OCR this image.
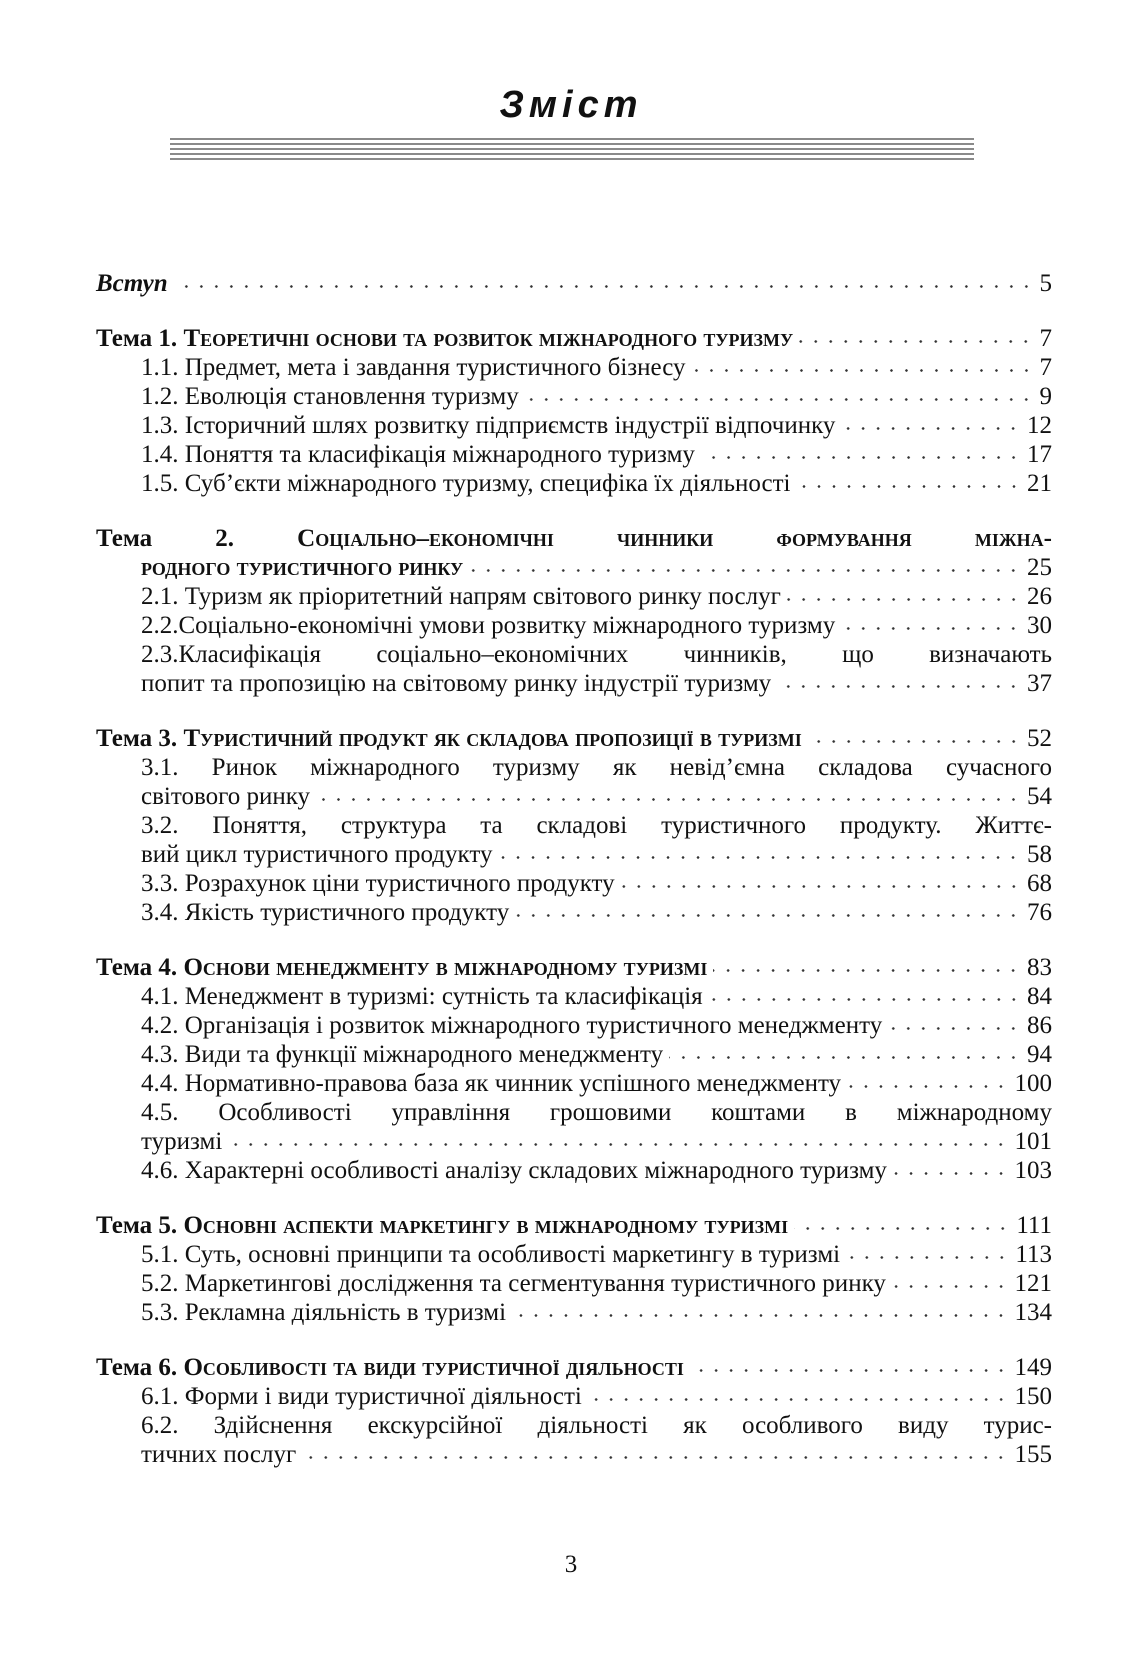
Зміст
Вступ	5
Тема 1. Теоретичні основи та розвиток міжнародного туризму	7
1.1. Предмет, мета і завдання туристичного бізнесу	7
1.2. Еволюція становлення туризму	9
1.3. Історичний шлях розвитку підприємств індустрії відпочинку	12
1.4. Поняття та класифікація міжнародного туризму	17
1.5. Суб’єкти міжнародного туризму, специфіка їх діяльності	21
Тема 2.	Соціально–економічні чинники формування міжна-
родного туристичного ринку	25
2.1. Туризм як пріоритетний напрям світового ринку послуг	26
2.2.Соціально-економічні умови розвитку міжнародного туризму	30
2.3.Класифікація соціально–економічних чинників, що визначають
попит та пропозицію на світовому ринку індустрії туризму	37
Тема 3. Туристичний продукт як складова пропозиції в туризмі	52
3.1. Ринок міжнародного туризму як невід’ємна складова сучасного
світового ринку	54
3.2. Поняття, структура та складові туристичного продукту. Життє-
вий цикл туристичного продукту	58
3.3. Розрахунок ціни туристичного продукту	68
3.4. Якість туристичного продукту	76
Тема 4. Основи менеджменту в міжнародному туризмі	83
4.1. Менеджмент в туризмі: сутність та класифікація	84
4.2. Організація і розвиток міжнародного туристичного менеджменту	86
4.3. Види та функції міжнародного менеджменту	94
4.4. Нормативно-правова база як чинник успішного менеджменту	100
4.5. Особливості управління грошовими коштами в міжнародному
туризмі	101
4.6. Характерні особливості аналізу складових міжнародного туризму	103
Тема 5. Основні аспекти маркетингу в міжнародному туризмі	111
5.1. Суть, основні принципи та особливості маркетингу в туризмі	113
5.2. Маркетингові дослідження та сегментування туристичного ринку	121
5.3. Рекламна діяльність в туризмі	134
Тема 6. Особливості та види туристичної діяльності	149
6.1. Форми і види туристичної діяльності	150
6.2. Здійснення екскурсійної діяльності як особливого виду турис-
тичних послуг	155
3
